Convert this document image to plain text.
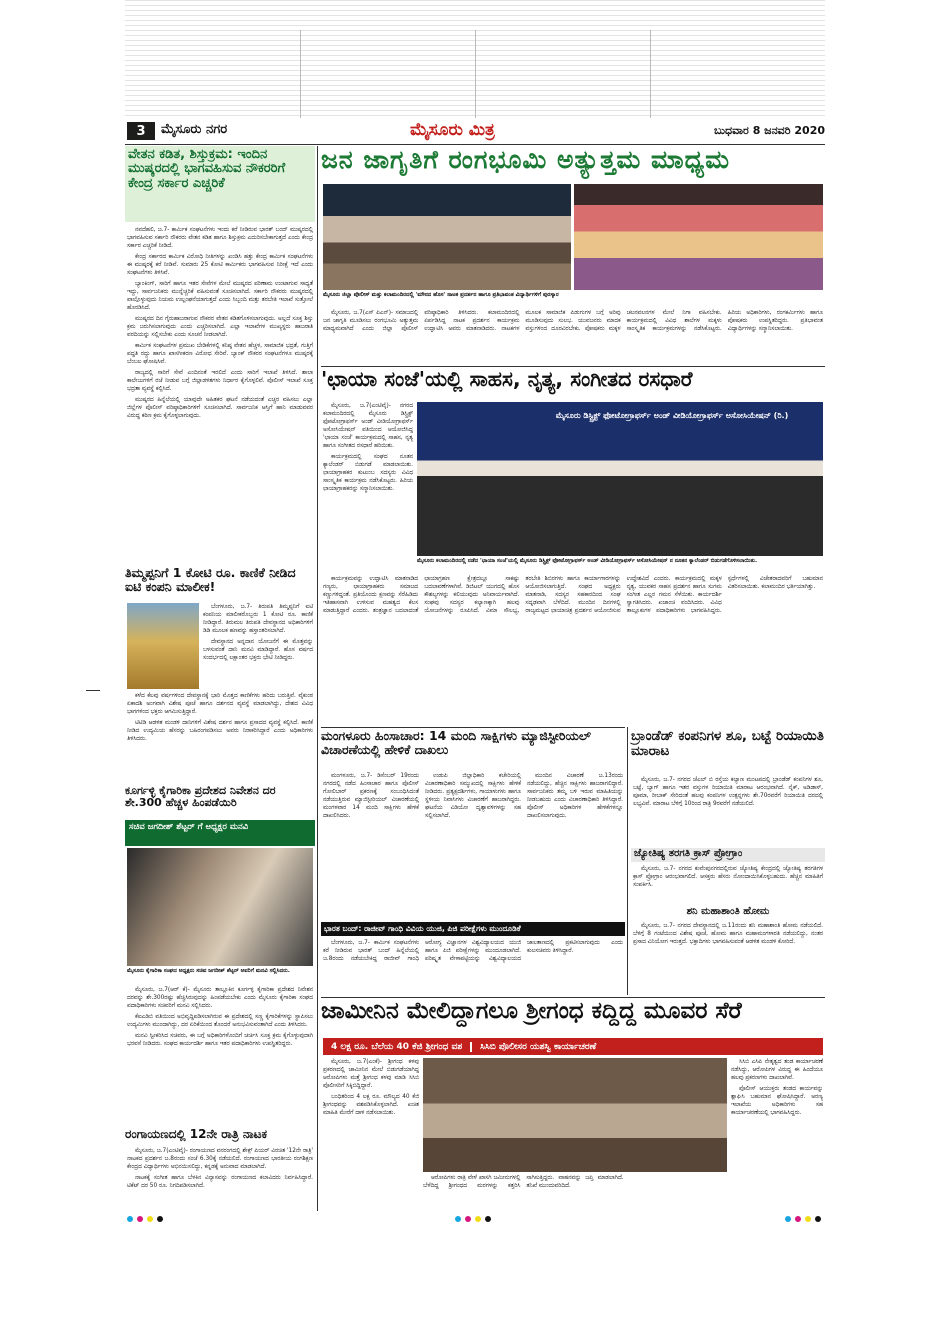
3	ಮೈಸೂರು ನಗರ	ಮೈಸೂರು ಮಿತ್ರ	ಬುಧವಾರ 8 ಜನವರಿ 2020
ವೇತನ ಕಡಿತ, ಶಿಸ್ತುಕ್ರಮ: ಇಂದಿನ ಮುಷ್ಕರದಲ್ಲಿ ಭಾಗವಹಿಸುವ ನೌಕರರಿಗೆ ಕೇಂದ್ರ ಸರ್ಕಾರ ಎಚ್ಚರಿಕೆ

ನವದೆಹಲಿ, ಜ.7- ಕಾರ್ಮಿಕ ಸಂಘಟನೆಗಳು ಇಂದು ಕರೆ ನೀಡಿರುವ ಭಾರತ್ ಬಂದ್ ಮುಷ್ಕರದಲ್ಲಿ ಭಾಗವಹಿಸುವ ಸರ್ಕಾರಿ ನೌಕರರು ವೇತನ ಕಡಿತ ಹಾಗೂ ಶಿಸ್ತುಕ್ರಮ ಎದುರಿಸಬೇಕಾಗುತ್ತದೆ ಎಂದು ಕೇಂದ್ರ ಸರ್ಕಾರ ಎಚ್ಚರಿಕೆ ನೀಡಿದೆ.

ಕೇಂದ್ರ ಸರ್ಕಾರದ ಕಾರ್ಮಿಕ ವಿರೋಧಿ ನೀತಿಗಳನ್ನು ಖಂಡಿಸಿ ಹತ್ತು ಕೇಂದ್ರ ಕಾರ್ಮಿಕ ಸಂಘಟನೆಗಳು ಈ ಮುಷ್ಕರಕ್ಕೆ ಕರೆ ನೀಡಿವೆ. ಸುಮಾರು 25 ಕೋಟಿ ಕಾರ್ಮಿಕರು ಭಾಗವಹಿಸುವ ನಿರೀಕ್ಷೆ ಇದೆ ಎಂದು ಸಂಘಟನೆಗಳು ತಿಳಿಸಿವೆ.

ಬ್ಯಾಂಕಿಂಗ್, ಸಾರಿಗೆ ಹಾಗೂ ಇತರ ಸೇವೆಗಳ ಮೇಲೆ ಮುಷ್ಕರದ ಪರಿಣಾಮ ಉಂಟಾಗುವ ಸಾಧ್ಯತೆ ಇದ್ದು, ಸಾರ್ವಜನಿಕರು ಮುನ್ನೆಚ್ಚರಿಕೆ ವಹಿಸುವಂತೆ ಸೂಚಿಸಲಾಗಿದೆ. ಸರ್ಕಾರಿ ನೌಕರರು ಮುಷ್ಕರದಲ್ಲಿ ಪಾಲ್ಗೊಳ್ಳುವುದು ನಿಯಮ ಉಲ್ಲಂಘನೆಯಾಗುತ್ತದೆ ಎಂದು ಸಿಬ್ಬಂದಿ ಮತ್ತು ತರಬೇತಿ ಇಲಾಖೆ ಸುತ್ತೋಲೆ ಹೊರಡಿಸಿದೆ.

ಮುಷ್ಕರದ ದಿನ ಗೈರುಹಾಜರಾಗುವ ನೌಕರರ ವೇತನ ಕಡಿತಗೊಳಿಸಲಾಗುವುದು. ಅಲ್ಲದೆ ಸೂಕ್ತ ಶಿಸ್ತು ಕ್ರಮ ಜರುಗಿಸಲಾಗುವುದು ಎಂದು ಎಚ್ಚರಿಸಲಾಗಿದೆ. ಎಲ್ಲಾ ಇಲಾಖೆಗಳ ಮುಖ್ಯಸ್ಥರು ಹಾಜರಾತಿ ವರದಿಯನ್ನು ಸಲ್ಲಿಸಬೇಕು ಎಂದು ಸೂಚನೆ ನೀಡಲಾಗಿದೆ.

ಕಾರ್ಮಿಕ ಸಂಘಟನೆಗಳ ಪ್ರಮುಖ ಬೇಡಿಕೆಗಳಲ್ಲಿ ಕನಿಷ್ಠ ವೇತನ ಹೆಚ್ಚಳ, ಸಾಮಾಜಿಕ ಭದ್ರತೆ, ಗುತ್ತಿಗೆ ಪದ್ಧತಿ ರದ್ದು ಹಾಗೂ ಖಾಸಗೀಕರಣ ವಿರೋಧ ಸೇರಿವೆ. ಬ್ಯಾಂಕ್ ನೌಕರರ ಸಂಘಟನೆಗಳೂ ಮುಷ್ಕರಕ್ಕೆ ಬೆಂಬಲ ಘೋಷಿಸಿವೆ.

ರಾಜ್ಯದಲ್ಲಿ ಸಾರಿಗೆ ಸೇವೆ ಎಂದಿನಂತೆ ಇರಲಿದೆ ಎಂದು ಸಾರಿಗೆ ಇಲಾಖೆ ತಿಳಿಸಿದೆ. ಶಾಲಾ ಕಾಲೇಜುಗಳಿಗೆ ರಜೆ ನೀಡುವ ಬಗ್ಗೆ ಜಿಲ್ಲಾಡಳಿತಗಳು ನಿರ್ಧಾರ ಕೈಗೊಳ್ಳಲಿವೆ. ಪೊಲೀಸ್ ಇಲಾಖೆ ಸೂಕ್ತ ಭದ್ರತಾ ವ್ಯವಸ್ಥೆ ಕಲ್ಪಿಸಿದೆ.

ಮುಷ್ಕರದ ಹಿನ್ನೆಲೆಯಲ್ಲಿ ಯಾವುದೇ ಅಹಿತಕರ ಘಟನೆ ನಡೆಯದಂತೆ ಎಚ್ಚರ ವಹಿಸಲು ಎಲ್ಲಾ ಜಿಲ್ಲೆಗಳ ಪೊಲೀಸ್ ವರಿಷ್ಠಾಧಿಕಾರಿಗಳಿಗೆ ಸೂಚಿಸಲಾಗಿದೆ. ಸಾರ್ವಜನಿಕ ಆಸ್ತಿಗೆ ಹಾನಿ ಮಾಡುವವರ ವಿರುದ್ಧ ಕಠಿಣ ಕ್ರಮ ಕೈಗೊಳ್ಳಲಾಗುವುದು.

ತಿಮ್ಮಪ್ಪನಿಗೆ 1 ಕೋಟಿ ರೂ. ಕಾಣಿಕೆ ನೀಡಿದ ಐಟಿ ಕಂಪನಿ ಮಾಲೀಕ!

ಬೆಂಗಳೂರು, ಜ.7- ತಿರುಪತಿ ತಿಮ್ಮಪ್ಪನಿಗೆ ಐಟಿ ಕಂಪನಿಯ ಮಾಲೀಕರೊಬ್ಬರು 1 ಕೋಟಿ ರೂ. ಕಾಣಿಕೆ ನೀಡಿದ್ದಾರೆ. ತಿರುಮಲ ತಿರುಪತಿ ದೇವಸ್ಥಾನದ ಅಧಿಕಾರಿಗಳಿಗೆ ಡಿಡಿ ಮೂಲಕ ಹಣವನ್ನು ಹಸ್ತಾಂತರಿಸಲಾಗಿದೆ.

ದೇವಸ್ಥಾನದ ಅನ್ನದಾನ ಯೋಜನೆಗೆ ಈ ಮೊತ್ತವನ್ನು ಬಳಸುವಂತೆ ದಾನಿ ಮನವಿ ಮಾಡಿದ್ದಾರೆ. ಹೊಸ ವರ್ಷದ ಸಂದರ್ಭದಲ್ಲಿ ಲಕ್ಷಾಂತರ ಭಕ್ತರು ಭೇಟಿ ನೀಡಿದ್ದರು.

ಕಳೆದ ಕೆಲವು ವರ್ಷಗಳಿಂದ ದೇವಸ್ಥಾನಕ್ಕೆ ಭಾರಿ ಮೊತ್ತದ ಕಾಣಿಕೆಗಳು ಹರಿದು ಬರುತ್ತಿವೆ. ವೈಕುಂಠ ಏಕಾದಶಿ ಅಂಗವಾಗಿ ವಿಶೇಷ ಪೂಜೆ ಹಾಗೂ ದರ್ಶನದ ವ್ಯವಸ್ಥೆ ಮಾಡಲಾಗಿದ್ದು, ದೇಶದ ವಿವಿಧ ಭಾಗಗಳಿಂದ ಭಕ್ತರು ಆಗಮಿಸುತ್ತಿದ್ದಾರೆ.

ಟಿಟಿಡಿ ಆಡಳಿತ ಮಂಡಳಿ ದಾನಿಗಳಿಗೆ ವಿಶೇಷ ದರ್ಶನ ಹಾಗೂ ಪ್ರಸಾದದ ವ್ಯವಸ್ಥೆ ಕಲ್ಪಿಸಿದೆ. ಕಾಣಿಕೆ ನೀಡಿದ ಉದ್ಯಮಿಯ ಹೆಸರನ್ನು ಬಹಿರಂಗಪಡಿಸಲು ಅವರು ನಿರಾಕರಿಸಿದ್ದಾರೆ ಎಂದು ಅಧಿಕಾರಿಗಳು ತಿಳಿಸಿದರು.

ಕೂರ್ಗಳ್ಳಿ ಕೈಗಾರಿಕಾ ಪ್ರದೇಶದ ನಿವೇಶನ ದರ ಶೇ.300 ಹೆಚ್ಚಳ ಹಿಂಪಡೆಯಿರಿ
ಸಚಿವ ಜಗದೀಶ್ ಶೆಟ್ಟರ್ ಗೆ ಅಧ್ಯಕ್ಷರ ಮನವಿ
ಮೈಸೂರು ಕೈಗಾರಿಕಾ ಸಂಘದ ಅಧ್ಯಕ್ಷರು ಸಚಿವ ಜಗದೀಶ್ ಶೆಟ್ಟರ್ ಅವರಿಗೆ ಮನವಿ ಸಲ್ಲಿಸಿದರು.

ಮೈಸೂರು, ಜ.7(ಆರ್ ಕೆ)- ಮೈಸೂರು ತಾಲ್ಲೂಕಿನ ಕೂರ್ಗಳ್ಳಿ ಕೈಗಾರಿಕಾ ಪ್ರದೇಶದ ನಿವೇಶನ ದರವನ್ನು ಶೇ.300ರಷ್ಟು ಹೆಚ್ಚಿಸಿರುವುದನ್ನು ಹಿಂಪಡೆಯಬೇಕು ಎಂದು ಮೈಸೂರು ಕೈಗಾರಿಕಾ ಸಂಘದ ಪದಾಧಿಕಾರಿಗಳು ಸಚಿವರಿಗೆ ಮನವಿ ಸಲ್ಲಿಸಿದರು.

ಕೆಐಎಡಿಬಿ ವತಿಯಿಂದ ಅಭಿವೃದ್ಧಿಪಡಿಸಲಾಗಿರುವ ಈ ಪ್ರದೇಶದಲ್ಲಿ ಸಣ್ಣ ಕೈಗಾರಿಕೆಗಳನ್ನು ಸ್ಥಾಪಿಸಲು ಉದ್ಯಮಿಗಳು ಮುಂದಾಗಿದ್ದು, ದರ ಏರಿಕೆಯಿಂದ ತೊಂದರೆ ಅನುಭವಿಸುವಂತಾಗಿದೆ ಎಂದು ತಿಳಿಸಿದರು.

ಮನವಿ ಸ್ವೀಕರಿಸಿದ ಸಚಿವರು, ಈ ಬಗ್ಗೆ ಅಧಿಕಾರಿಗಳೊಂದಿಗೆ ಚರ್ಚಿಸಿ ಸೂಕ್ತ ಕ್ರಮ ಕೈಗೊಳ್ಳುವುದಾಗಿ ಭರವಸೆ ನೀಡಿದರು. ಸಂಘದ ಕಾರ್ಯದರ್ಶಿ ಹಾಗೂ ಇತರ ಪದಾಧಿಕಾರಿಗಳು ಉಪಸ್ಥಿತರಿದ್ದರು.

ರಂಗಾಯಣದಲ್ಲಿ 12ನೇ ರಾತ್ರಿ ನಾಟಕ

ಮೈಸೂರು, ಜ.7(ಎಂಟಿವೈ)- ರಂಗಾಯಣದ ವನರಂಗದಲ್ಲಿ ಶೇಕ್ಸ್ ಪಿಯರ್ ವಿರಚಿತ '12ನೇ ರಾತ್ರಿ' ನಾಟಕದ ಪ್ರದರ್ಶನ ಜ.8ರಂದು ಸಂಜೆ 6.30ಕ್ಕೆ ನಡೆಯಲಿದೆ. ರಂಗಾಯಣದ ಭಾರತೀಯ ರಂಗಶಿಕ್ಷಣ ಕೇಂದ್ರದ ವಿದ್ಯಾರ್ಥಿಗಳು ಅಭಿನಯಿಸಲಿದ್ದು, ಕನ್ನಡಕ್ಕೆ ಅನುವಾದ ಮಾಡಲಾಗಿದೆ.

ನಾಟಕಕ್ಕೆ ಸಂಗೀತ ಹಾಗೂ ಬೆಳಕಿನ ವಿನ್ಯಾಸವನ್ನು ರಂಗಾಯಣದ ಕಲಾವಿದರು ನಿರ್ವಹಿಸಿದ್ದಾರೆ. ಟಿಕೆಟ್ ದರ 50 ರೂ. ನಿಗದಿಪಡಿಸಲಾಗಿದೆ.

ಜನ ಜಾಗೃತಿಗೆ ರಂಗಭೂಮಿ ಅತ್ಯುತ್ತಮ ಮಾಧ್ಯಮ
ಮೈಸೂರು ಜಿಲ್ಲಾ ಪೊಲೀಸ್ ಮತ್ತು ಕಲಾಮಂದಿರದಲ್ಲಿ 'ಮೌನದ ಹೊಸ' ನಾಟಕ ಪ್ರದರ್ಶನ ಹಾಗೂ ಪ್ರತಿಭಾವಂತ ವಿದ್ಯಾರ್ಥಿಗಳಿಗೆ ಪುರಸ್ಕಾರ

ಮೈಸೂರು, ಜ.7(ಎಸ್ ಪಿಎನ್)- ಸಮಾಜದಲ್ಲಿ ಜನ ಜಾಗೃತಿ ಮೂಡಿಸಲು ರಂಗಭೂಮಿ ಅತ್ಯುತ್ತಮ ಮಾಧ್ಯಮವಾಗಿದೆ ಎಂದು ಜಿಲ್ಲಾ ಪೊಲೀಸ್ ವರಿಷ್ಠಾಧಿಕಾರಿ ತಿಳಿಸಿದರು. ಕಲಾಮಂದಿರದಲ್ಲಿ ಏರ್ಪಡಿಸಿದ್ದ ನಾಟಕ ಪ್ರದರ್ಶನ ಕಾರ್ಯಕ್ರಮ ಉದ್ಘಾಟಿಸಿ ಅವರು ಮಾತನಾಡಿದರು. ನಾಟಕಗಳ ಮೂಲಕ ಸಾಮಾಜಿಕ ಪಿಡುಗುಗಳ ಬಗ್ಗೆ ಅರಿವು ಮೂಡಿಸುವುದು ಸುಲಭ. ಯುವಜನರು ಮಾದಕ ವಸ್ತುಗಳಿಂದ ದೂರವಿರಬೇಕು. ಪೋಷಕರು ಮಕ್ಕಳ ಚಲನವಲನಗಳ ಮೇಲೆ ನಿಗಾ ವಹಿಸಬೇಕು. ಕಾರ್ಯಕ್ರಮದಲ್ಲಿ ವಿವಿಧ ಶಾಲೆಗಳ ಮಕ್ಕಳು ಸಾಂಸ್ಕೃತಿಕ ಕಾರ್ಯಕ್ರಮಗಳನ್ನು ನಡೆಸಿಕೊಟ್ಟರು. ಹಿರಿಯ ಅಧಿಕಾರಿಗಳು, ರಂಗಕರ್ಮಿಗಳು ಹಾಗೂ ಪೋಷಕರು ಉಪಸ್ಥಿತರಿದ್ದರು. ಪ್ರತಿಭಾವಂತ ವಿದ್ಯಾರ್ಥಿಗಳನ್ನು ಸನ್ಮಾನಿಸಲಾಯಿತು.

'ಛಾಯಾ ಸಂಜೆ'ಯಲ್ಲಿ ಸಾಹಸ, ನೃತ್ಯ, ಸಂಗೀತದ ರಸಧಾರೆ

ಮೈಸೂರು, ಜ.7(ಎಂಟಿವೈ)- ನಗರದ ಕಲಾಮಂದಿರದಲ್ಲಿ ಮೈಸೂರು ಡಿಸ್ಟ್ರಿಕ್ಟ್ ಫೋಟೋಗ್ರಾಫರ್ಸ್ ಅಂಡ್ ವೀಡಿಯೋಗ್ರಾಫರ್ಸ್ ಅಸೋಸಿಯೇಷನ್ ವತಿಯಿಂದ ಆಯೋಜಿಸಿದ್ದ 'ಛಾಯಾ ಸಂಜೆ' ಕಾರ್ಯಕ್ರಮದಲ್ಲಿ ಸಾಹಸ, ನೃತ್ಯ ಹಾಗೂ ಸಂಗೀತದ ರಸಧಾರೆ ಹರಿಯಿತು.

ಕಾರ್ಯಕ್ರಮದಲ್ಲಿ ಸಂಘದ ನೂತನ ಕ್ಯಾಲೆಂಡರ್ ಬಿಡುಗಡೆ ಮಾಡಲಾಯಿತು. ಛಾಯಾಗ್ರಾಹಕರ ಕುಟುಂಬ ಸದಸ್ಯರು ವಿವಿಧ ಸಾಂಸ್ಕೃತಿಕ ಕಾರ್ಯಕ್ರಮ ನಡೆಸಿಕೊಟ್ಟರು. ಹಿರಿಯ ಛಾಯಾಗ್ರಾಹಕರನ್ನು ಸನ್ಮಾನಿಸಲಾಯಿತು.

ಮೈಸೂರು ಡಿಸ್ಟ್ರಿಕ್ಟ್ ಫೋಟೋಗ್ರಾಫರ್ಸ್ ಅಂಡ್ ವೀಡಿಯೋಗ್ರಾಫರ್ಸ್ ಅಸೋಸಿಯೇಷನ್ (ರಿ.)
ಮೈಸೂರು ಕಲಾಮಂದಿರದಲ್ಲಿ ನಡೆದ 'ಛಾಯಾ ಸಂಜೆ'ಯಲ್ಲಿ ಮೈಸೂರು ಡಿಸ್ಟ್ರಿಕ್ಟ್ ಫೋಟೋಗ್ರಾಫರ್ಸ್ ಅಂಡ್ ವೀಡಿಯೋಗ್ರಾಫರ್ಸ್ ಅಸೋಸಿಯೇಷನ್ ನ ನೂತನ ಕ್ಯಾಲೆಂಡರ್ ಬಿಡುಗಡೆಗೊಳಿಸಲಾಯಿತು.

ಕಾರ್ಯಕ್ರಮವನ್ನು ಉದ್ಘಾಟಿಸಿ ಮಾತನಾಡಿದ ಗಣ್ಯರು, ಛಾಯಾಗ್ರಾಹಕರು ಸಮಾಜದ ಕಣ್ಣುಗಳಿದ್ದಂತೆ. ಪ್ರತಿಯೊಂದು ಕ್ಷಣವನ್ನು ಸೆರೆಹಿಡಿದು ಇತಿಹಾಸವಾಗಿ ಉಳಿಸುವ ಮಹತ್ವದ ಕೆಲಸ ಮಾಡುತ್ತಿದ್ದಾರೆ ಎಂದರು. ತಂತ್ರಜ್ಞಾನ ಬದಲಾದಂತೆ ಛಾಯಾಗ್ರಹಣ ಕ್ಷೇತ್ರದಲ್ಲೂ ಸಾಕಷ್ಟು ಬದಲಾವಣೆಗಳಾಗಿವೆ. ಡಿಜಿಟಲ್ ಯುಗದಲ್ಲಿ ಹೊಸ ಕೌಶಲ್ಯಗಳನ್ನು ಕಲಿಯುವುದು ಅನಿವಾರ್ಯವಾಗಿದೆ. ಸಂಘವು ಸದಸ್ಯರ ಕಲ್ಯಾಣಕ್ಕಾಗಿ ಹಲವು ಯೋಜನೆಗಳನ್ನು ರೂಪಿಸಿದೆ. ವಿಮಾ ಸೌಲಭ್ಯ, ತರಬೇತಿ ಶಿಬಿರಗಳು ಹಾಗೂ ಕಾರ್ಯಾಗಾರಗಳನ್ನು ಆಯೋಜಿಸಲಾಗುತ್ತಿದೆ. ಸಂಘದ ಅಧ್ಯಕ್ಷರು ಮಾತನಾಡಿ, ಸದಸ್ಯರ ಸಹಕಾರದಿಂದ ಸಂಘ ಸದೃಢವಾಗಿ ಬೆಳೆದಿದೆ. ಮುಂದಿನ ದಿನಗಳಲ್ಲಿ ರಾಜ್ಯಮಟ್ಟದ ಛಾಯಾಚಿತ್ರ ಪ್ರದರ್ಶನ ಆಯೋಜಿಸುವ ಉದ್ದೇಶವಿದೆ ಎಂದರು. ಕಾರ್ಯಕ್ರಮದಲ್ಲಿ ಮಕ್ಕಳ ನೃತ್ಯ, ಯುವಕರ ಸಾಹಸ ಪ್ರದರ್ಶನ ಹಾಗೂ ಸುಗಮ ಸಂಗೀತ ಎಲ್ಲರ ಗಮನ ಸೆಳೆಯಿತು. ಕಾರ್ಯದರ್ಶಿ ಸ್ವಾಗತಿಸಿದರು. ಖಜಾಂಚಿ ವಂದಿಸಿದರು. ವಿವಿಧ ತಾಲ್ಲೂಕುಗಳ ಪದಾಧಿಕಾರಿಗಳು ಭಾಗವಹಿಸಿದ್ದರು. ಸ್ಪರ್ಧೆಗಳಲ್ಲಿ ವಿಜೇತರಾದವರಿಗೆ ಬಹುಮಾನ ವಿತರಿಸಲಾಯಿತು. ಕಲಾಮಂದಿರ ಭರ್ತಿಯಾಗಿತ್ತು.

ಮಂಗಳೂರು ಹಿಂಸಾಚಾರ: 14 ಮಂದಿ ಸಾಕ್ಷಿಗಳು ಮ್ಯಾಜಿಸ್ಟೀರಿಯಲ್ ವಿಚಾರಣೆಯಲ್ಲಿ ಹೇಳಿಕೆ ದಾಖಲು

ಮಂಗಳೂರು, ಜ.7- ಡಿಸೆಂಬರ್ 19ರಂದು ನಗರದಲ್ಲಿ ನಡೆದ ಹಿಂಸಾಚಾರ ಹಾಗೂ ಪೊಲೀಸ್ ಗೋಲಿಬಾರ್ ಪ್ರಕರಣಕ್ಕೆ ಸಂಬಂಧಿಸಿದಂತೆ ನಡೆಯುತ್ತಿರುವ ಮ್ಯಾಜಿಸ್ಟೀರಿಯಲ್ ವಿಚಾರಣೆಯಲ್ಲಿ ಮಂಗಳವಾರ 14 ಮಂದಿ ಸಾಕ್ಷಿಗಳು ಹೇಳಿಕೆ ದಾಖಲಿಸಿದರು.

ಉಡುಪಿ ಜಿಲ್ಲಾಧಿಕಾರಿ ಕಚೇರಿಯಲ್ಲಿ ವಿಚಾರಣಾಧಿಕಾರಿ ಸಮ್ಮುಖದಲ್ಲಿ ಸಾಕ್ಷಿಗಳು ಹೇಳಿಕೆ ನೀಡಿದರು. ಪ್ರತ್ಯಕ್ಷದರ್ಶಿಗಳು, ಗಾಯಾಳುಗಳು ಹಾಗೂ ಸ್ಥಳೀಯ ನಿವಾಸಿಗಳು ವಿಚಾರಣೆಗೆ ಹಾಜರಾಗಿದ್ದರು. ಘಟನೆಯ ವಿಡಿಯೋ ದೃಶ್ಯಾವಳಿಗಳನ್ನು ಸಹ ಸಲ್ಲಿಸಲಾಗಿದೆ.

ಮುಂದಿನ ವಿಚಾರಣೆ ಜ.13ರಂದು ನಡೆಯಲಿದ್ದು, ಹೆಚ್ಚಿನ ಸಾಕ್ಷಿಗಳು ಹಾಜರಾಗಲಿದ್ದಾರೆ. ಸಾರ್ವಜನಿಕರು ತಮ್ಮ ಬಳಿ ಇರುವ ಮಾಹಿತಿಯನ್ನು ನೀಡಬಹುದು ಎಂದು ವಿಚಾರಣಾಧಿಕಾರಿ ತಿಳಿಸಿದ್ದಾರೆ. ಪೊಲೀಸ್ ಅಧಿಕಾರಿಗಳ ಹೇಳಿಕೆಗಳನ್ನೂ ದಾಖಲಿಸಲಾಗುವುದು.

ಭಾರತ ಬಂದ್: ರಾಜೀವ್ ಗಾಂಧಿ ವಿವಿಯ ಯುಜಿ, ಪಿಜಿ ಪರೀಕ್ಷೆಗಳು ಮುಂದೂಡಿಕೆ

ಬೆಂಗಳೂರು, ಜ.7- ಕಾರ್ಮಿಕ ಸಂಘಟನೆಗಳು ಕರೆ ನೀಡಿರುವ ಭಾರತ್ ಬಂದ್ ಹಿನ್ನೆಲೆಯಲ್ಲಿ ಜ.8ರಂದು ನಡೆಯಬೇಕಿದ್ದ ರಾಜೀವ್ ಗಾಂಧಿ ಆರೋಗ್ಯ ವಿಜ್ಞಾನಗಳ ವಿಶ್ವವಿದ್ಯಾಲಯದ ಯುಜಿ ಹಾಗೂ ಪಿಜಿ ಪರೀಕ್ಷೆಗಳನ್ನು ಮುಂದೂಡಲಾಗಿದೆ. ಪರಿಷ್ಕೃತ ವೇಳಾಪಟ್ಟಿಯನ್ನು ವಿಶ್ವವಿದ್ಯಾಲಯದ ಜಾಲತಾಣದಲ್ಲಿ ಪ್ರಕಟಿಸಲಾಗುವುದು ಎಂದು ಕುಲಸಚಿವರು ತಿಳಿಸಿದ್ದಾರೆ.

ಬ್ರಾಂಡೆಡ್ ಕಂಪನಿಗಳ ಶೂ, ಬಟ್ಟೆ ರಿಯಾಯಿತಿ ಮಾರಾಟ

ಮೈಸೂರು, ಜ.7- ನಗರದ ಜೆಎಲ್ ಬಿ ರಸ್ತೆಯ ಕಲ್ಯಾಣ ಮಂಟಪದಲ್ಲಿ ಬ್ರಾಂಡೆಡ್ ಕಂಪನಿಗಳ ಶೂ, ಬಟ್ಟೆ, ಬ್ಯಾಗ್ ಹಾಗೂ ಇತರ ವಸ್ತುಗಳ ರಿಯಾಯಿತಿ ಮಾರಾಟ ಆರಂಭವಾಗಿದೆ. ನೈಕ್, ಅಡಿಡಾಸ್, ಪೂಮಾ, ರೀಬಾಕ್ ಸೇರಿದಂತೆ ಹಲವು ಕಂಪನಿಗಳ ಉತ್ಪನ್ನಗಳು ಶೇ.70ರವರೆಗೆ ರಿಯಾಯಿತಿ ದರದಲ್ಲಿ ಲಭ್ಯವಿವೆ. ಮಾರಾಟ ಬೆಳಿಗ್ಗೆ 10ರಿಂದ ರಾತ್ರಿ 9ರವರೆಗೆ ನಡೆಯಲಿದೆ.

ಜ್ಯೋತಿಷ್ಯ ತರಗತಿ ಕ್ರಾಸ್ ಪ್ರೋಗ್ರಾಂ

ಮೈಸೂರು, ಜ.7- ನಗರದ ಕುವೆಂಪುನಗರದಲ್ಲಿರುವ ಜ್ಯೋತಿಷ್ಯ ಕೇಂದ್ರದಲ್ಲಿ ಜ್ಯೋತಿಷ್ಯ ತರಗತಿಗಳ ಕ್ರಾಸ್ ಪ್ರೋಗ್ರಾಂ ಆರಂಭವಾಗಲಿದೆ. ಆಸಕ್ತರು ಹೆಸರು ನೋಂದಾಯಿಸಿಕೊಳ್ಳಬಹುದು. ಹೆಚ್ಚಿನ ಮಾಹಿತಿಗೆ ಸಂಪರ್ಕಿಸಿ.

ಶನಿ ಮಹಾಶಾಂತಿ ಹೋಮ

ಮೈಸೂರು, ಜ.7- ನಗರದ ದೇವಸ್ಥಾನದಲ್ಲಿ ಜ.11ರಂದು ಶನಿ ಮಹಾಶಾಂತಿ ಹೋಮ ನಡೆಯಲಿದೆ. ಬೆಳಿಗ್ಗೆ 8 ಗಂಟೆಯಿಂದ ವಿಶೇಷ ಪೂಜೆ, ಹೋಮ ಹಾಗೂ ಮಹಾಮಂಗಳಾರತಿ ನಡೆಯಲಿದ್ದು, ನಂತರ ಪ್ರಸಾದ ವಿನಿಯೋಗ ಇರುತ್ತದೆ. ಭಕ್ತಾದಿಗಳು ಭಾಗವಹಿಸುವಂತೆ ಆಡಳಿತ ಮಂಡಳಿ ಕೋರಿದೆ.

ಜಾಮೀನಿನ ಮೇಲಿದ್ದಾಗಲೂ ಶ್ರೀಗಂಧ ಕದ್ದಿದ್ದ ಮೂವರ ಸೆರೆ
4 ಲಕ್ಷ ರೂ. ಬೆಲೆಯ 40 ಕೆಜಿ ಶ್ರೀಗಂಧ ವಶ	ಸಿಸಿಬಿ ಪೊಲೀಸರ ಯಶಸ್ವಿ ಕಾರ್ಯಾಚರಣೆ

ಮೈಸೂರು, ಜ.7(ಎಂಕೆ)- ಶ್ರೀಗಂಧ ಕಳವು ಪ್ರಕರಣದಲ್ಲಿ ಜಾಮೀನಿನ ಮೇಲೆ ಬಿಡುಗಡೆಯಾಗಿದ್ದ ಆರೋಪಿಗಳು ಮತ್ತೆ ಶ್ರೀಗಂಧ ಕಳವು ಮಾಡಿ ಸಿಸಿಬಿ ಪೊಲೀಸರಿಗೆ ಸಿಕ್ಕಿಬಿದ್ದಿದ್ದಾರೆ.

ಬಂಧಿತರಿಂದ 4 ಲಕ್ಷ ರೂ. ಮೌಲ್ಯದ 40 ಕೆಜಿ ಶ್ರೀಗಂಧವನ್ನು ವಶಪಡಿಸಿಕೊಳ್ಳಲಾಗಿದೆ. ಖಚಿತ ಮಾಹಿತಿ ಮೇರೆಗೆ ದಾಳಿ ನಡೆಸಲಾಯಿತು.

ಆರೋಪಿಗಳು ರಾತ್ರಿ ವೇಳೆ ಖಾಸಗಿ ಜಮೀನುಗಳಲ್ಲಿ ಬೆಳೆದಿದ್ದ ಶ್ರೀಗಂಧದ ಮರಗಳನ್ನು ಕತ್ತರಿಸಿ ಸಾಗಿಸುತ್ತಿದ್ದರು. ವಾಹನವನ್ನು ಜಪ್ತಿ ಮಾಡಲಾಗಿದೆ. ತನಿಖೆ ಮುಂದುವರಿದಿದೆ.

ಸಿಸಿಬಿ ಎಸಿಪಿ ನೇತೃತ್ವದ ತಂಡ ಕಾರ್ಯಾಚರಣೆ ನಡೆಸಿದ್ದು, ಆರೋಪಿಗಳ ವಿರುದ್ಧ ಈ ಹಿಂದೆಯೂ ಹಲವು ಪ್ರಕರಣಗಳು ದಾಖಲಾಗಿವೆ.

ಪೊಲೀಸ್ ಆಯುಕ್ತರು ತಂಡದ ಕಾರ್ಯವನ್ನು ಶ್ಲಾಘಿಸಿ ಬಹುಮಾನ ಘೋಷಿಸಿದ್ದಾರೆ. ಅರಣ್ಯ ಇಲಾಖೆಯ ಅಧಿಕಾರಿಗಳು ಸಹ ಕಾರ್ಯಾಚರಣೆಯಲ್ಲಿ ಭಾಗವಹಿಸಿದ್ದರು.
